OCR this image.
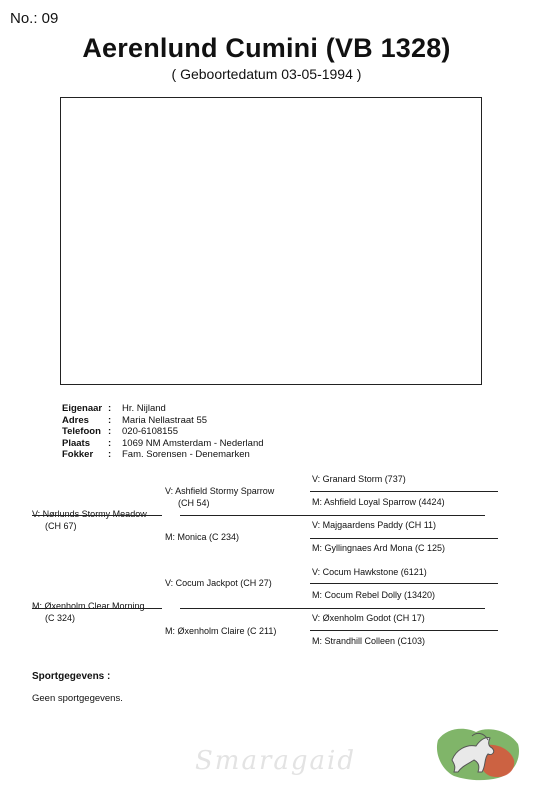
No.: 09
Aerenlund Cumini (VB 1328)
( Geboortedatum 03-05-1994 )
Eigenaar :	Hr. Nijland
Adres	:	Maria Nellastraat 55
Telefoon :	020-6108155
Plaats	:	1069 NM Amsterdam - Nederland
Fokker	:	Fam. Sorensen - Denemarken
V: Nørlunds Stormy Meadow
(CH 67)
M: Øxenholm Clear Morning
(C 324)
V: Ashfield Stormy Sparrow
(CH 54)
M: Monica (C 234)
V: Cocum Jackpot (CH 27)
M: Øxenholm Claire (C 211)
V: Granard Storm (737)
M: Ashfield Loyal Sparrow (4424)
V: Majgaardens Paddy (CH 11)
M: Gyllingnaes Ard Mona (C 125)
V: Cocum Hawkstone (6121)
M: Cocum Rebel Dolly (13420)
V: Øxenholm Godot (CH 17)
M: Strandhill Colleen (C103)
Sportgegevens :
Geen sportgegevens.
Smaragaid
